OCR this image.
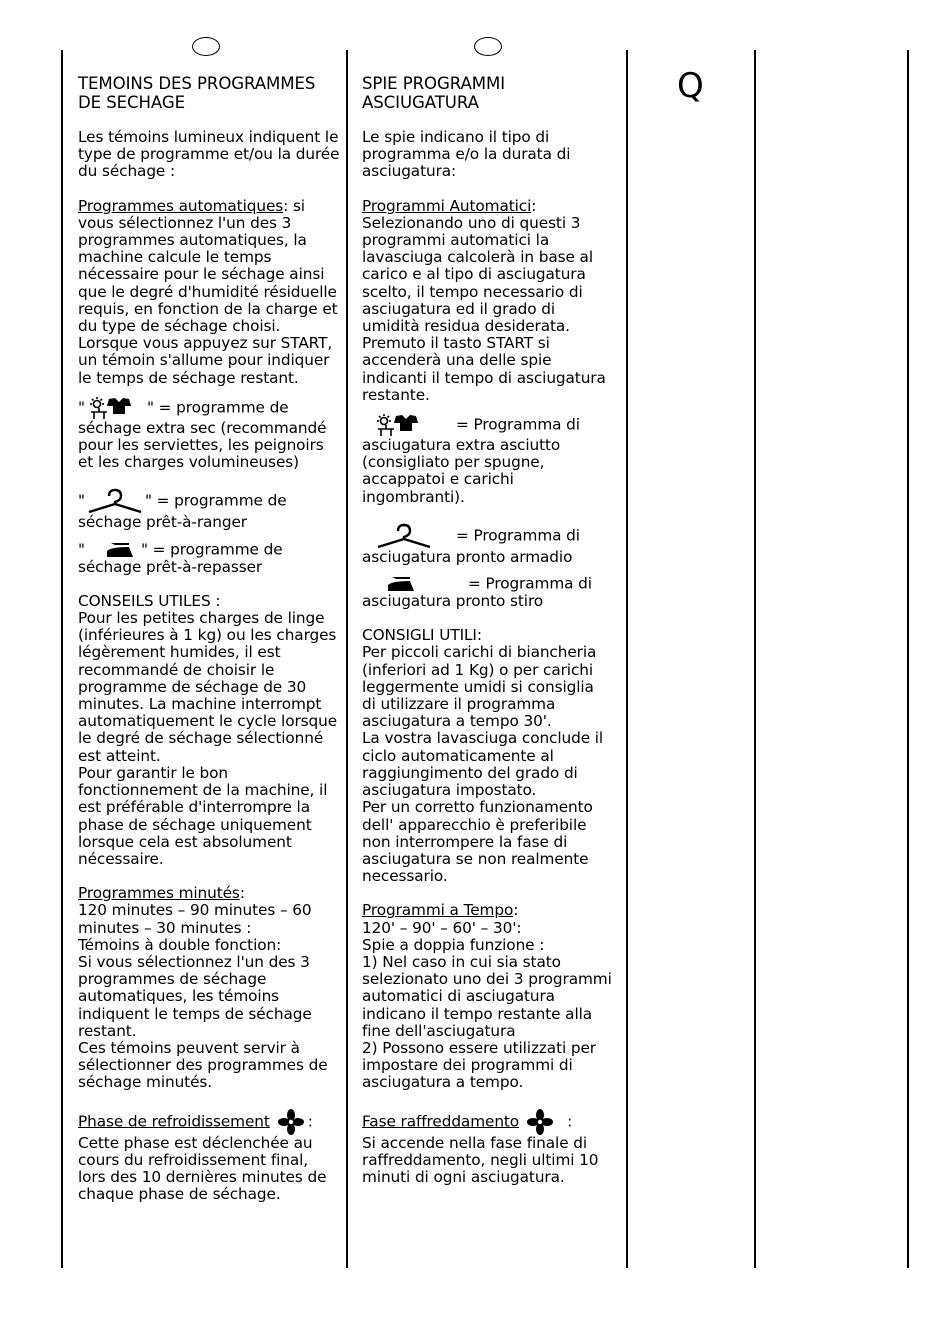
Q

TEMOINS DES PROGRAMMES DE SECHAGE

Les témoins lumineux indiquent le type de programme et/ou la durée du séchage :

Programmes automatiques: si vous sélectionnez l'un des 3 programmes automatiques, la machine calcule le temps nécessaire pour le séchage ainsi que le degré d'humidité résiduelle requis, en fonction de la charge et du type de séchage choisi.

Lorsque vous appuyez sur START, un témoin s'allume pour indiquer le temps de séchage restant.

"	" = programme de séchage extra sec (recommandé pour les serviettes, les peignoirs et les charges volumineuses)

"	" = programme de séchage prêt-à-ranger

"	" = programme de séchage prêt-à-repasser

CONSEILS UTILES :

Pour les petites charges de linge (inférieures à 1 kg) ou les charges légèrement humides, il est recommandé de choisir le programme de séchage de 30 minutes. La machine interrompt automatiquement le cycle lorsque le degré de séchage sélectionné est atteint.

Pour garantir le bon fonctionnement de la machine, il est préférable d'interrompre la phase de séchage uniquement lorsque cela est absolument nécessaire.

Programmes minutés:

120 minutes – 90 minutes – 60 minutes – 30 minutes :

Témoins à double fonction:

Si vous sélectionnez l'un des 3 programmes de séchage automatiques, les témoins indiquent le temps de séchage restant.

Ces témoins peuvent servir à sélectionner des programmes de séchage minutés.

Phase de refroidissement :

Cette phase est déclenchée au cours du refroidissement final, lors des 10 dernières minutes de chaque phase de séchage.

SPIE PROGRAMMI ASCIUGATURA

Le spie indicano il tipo di programma e/o la durata di asciugatura:

Programmi Automatici:

Selezionando uno di questi 3 programmi automatici la lavasciuga calcolerà in base al carico e al tipo di asciugatura scelto, il tempo necessario di asciugatura ed il grado di umidità residua desiderata.

Premuto il tasto START si accenderà una delle spie indicanti il tempo di asciugatura restante.

= Programma di asciugatura extra asciutto (consigliato per spugne, accappatoi e carichi ingombranti).

= Programma di asciugatura pronto armadio

= Programma di asciugatura pronto stiro

CONSIGLI UTILI:

Per piccoli carichi di biancheria (inferiori ad 1 Kg) o per carichi leggermente umidi si consiglia di utilizzare il programma asciugatura a tempo 30'.

La vostra lavasciuga conclude il ciclo automaticamente al raggiungimento del grado di asciugatura impostato.

Per un corretto funzionamento dell' apparecchio è preferibile non interrompere la fase di asciugatura se non realmente necessario.

Programmi a Tempo:

120' – 90' – 60' – 30':

Spie a doppia funzione :

1) Nel caso in cui sia stato selezionato uno dei 3 programmi automatici di asciugatura indicano il tempo restante alla fine dell'asciugatura

2) Possono essere utilizzati per impostare dei programmi di asciugatura a tempo.

Fase raffreddamento	:

Si accende nella fase finale di raffreddamento, negli ultimi 10 minuti di ogni asciugatura.
